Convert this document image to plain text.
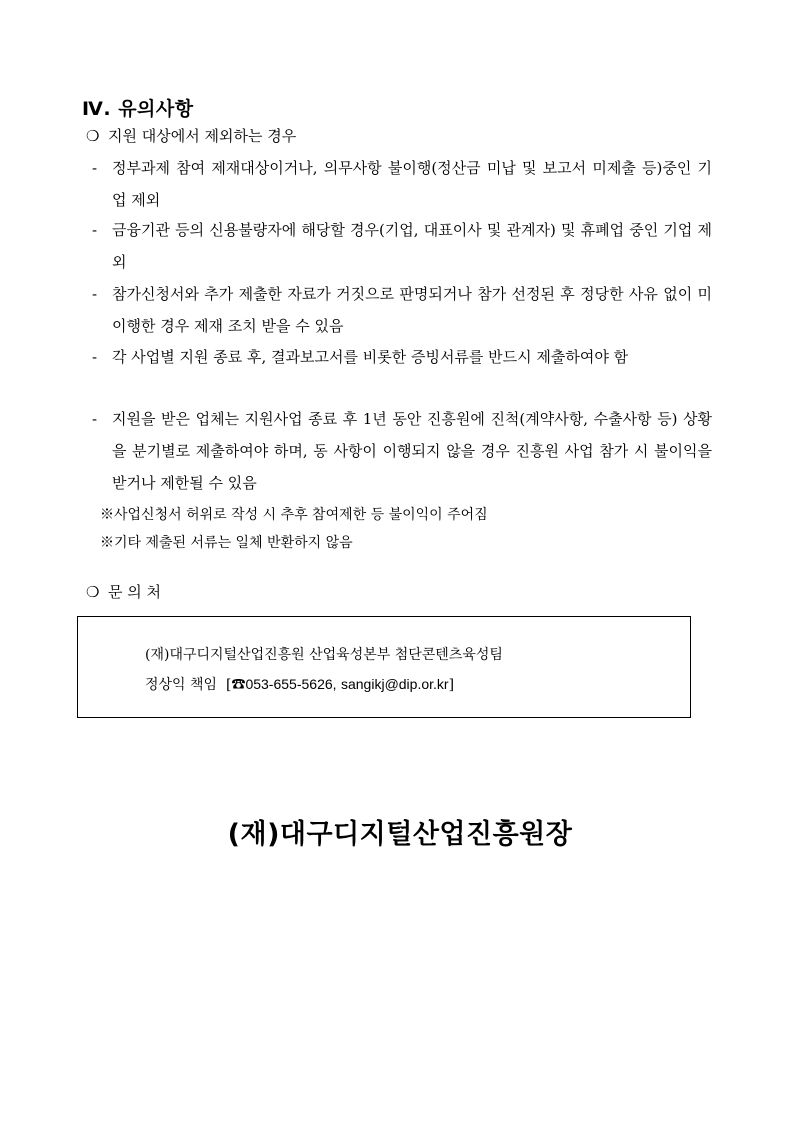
Ⅳ. 유의사항
❍ 지원 대상에서 제외하는 경우
- 정부과제 참여 제재대상이거나, 의무사항 불이행(정산금 미납 및 보고서 미제출 등)중인 기업 제외
- 금융기관 등의 신용불량자에 해당할 경우(기업, 대표이사 및 관계자) 및 휴폐업 중인 기업 제외
- 참가신청서와 추가 제출한 자료가 거짓으로 판명되거나 참가 선정된 후 정당한 사유 없이 미이행한 경우 제재 조치 받을 수 있음
- 각 사업별 지원 종료 후, 결과보고서를 비롯한 증빙서류를 반드시 제출하여야 함
- 지원을 받은 업체는 지원사업 종료 후 1년 동안 진흥원에 진척(계약사항, 수출사항 등) 상황을 분기별로 제출하여야 하며, 동 사항이 이행되지 않을 경우 진흥원 사업 참가 시 불이익을 받거나 제한될 수 있음
※사업신청서 허위로 작성 시 추후 참여제한 등 불이익이 주어짐
※기타 제출된 서류는 일체 반환하지 않음
❍ 문 의 처
(재)대구디지털산업진흥원 산업육성본부 첨단콘텐츠육성팀
정상익 책임 [☎053-655-5626, sangikj@dip.or.kr]
(재)대구디지털산업진흥원장
